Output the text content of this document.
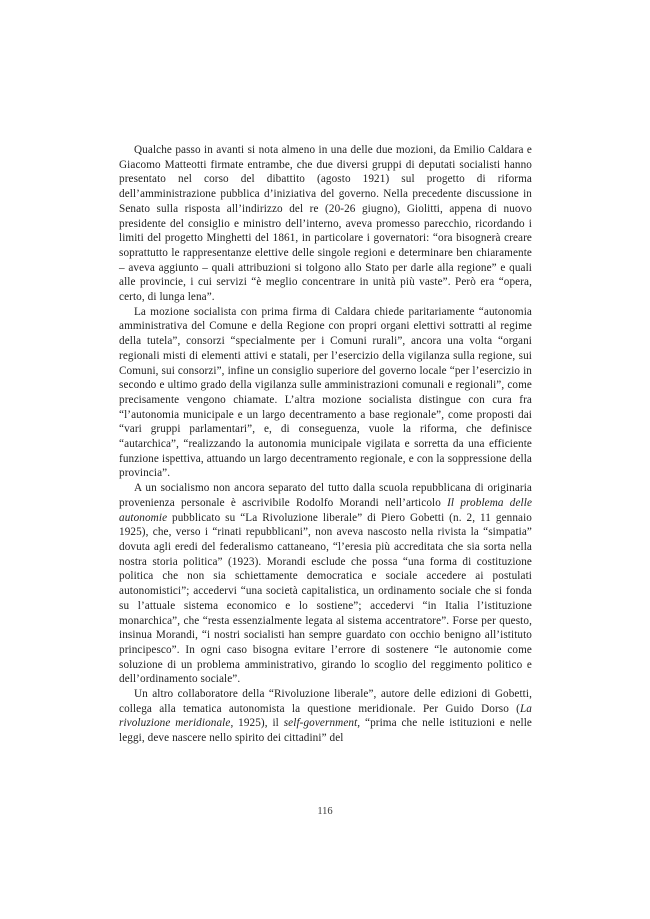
Qualche passo in avanti si nota almeno in una delle due mozioni, da Emilio Caldara e Giacomo Matteotti firmate entrambe, che due diversi gruppi di deputati socialisti hanno presentato nel corso del dibattito (agosto 1921) sul progetto di riforma dell’amministrazione pubblica d’iniziativa del governo. Nella precedente discussione in Senato sulla risposta all’indirizzo del re (20-26 giugno), Giolitti, appena di nuovo presidente del consiglio e ministro dell’interno, aveva promesso parecchio, ricordando i limiti del progetto Minghetti del 1861, in particolare i governatori: “ora bisognerà creare soprattutto le rappresentanze elettive delle singole regioni e determinare ben chiaramente – aveva aggiunto – quali attribuzioni si tolgono allo Stato per darle alla regione” e quali alle provincie, i cui servizi “è meglio concentrare in unità più vaste”. Però era “opera, certo, di lunga lena”.

La mozione socialista con prima firma di Caldara chiede paritariamente “autonomia amministrativa del Comune e della Regione con propri organi elettivi sottratti al regime della tutela”, consorzi “specialmente per i Comuni rurali”, ancora una volta “organi regionali misti di elementi attivi e statali, per l’esercizio della vigilanza sulla regione, sui Comuni, sui consorzi”, infine un consiglio superiore del governo locale “per l’esercizio in secondo e ultimo grado della vigilanza sulle amministrazioni comunali e regionali”, come precisamente vengono chiamate. L’altra mozione socialista distingue con cura fra “l’autonomia municipale e un largo decentramento a base regionale”, come proposti dai “vari gruppi parlamentari”, e, di conseguenza, vuole la riforma, che definisce “autarchica”, “realizzando la autonomia municipale vigilata e sorretta da una efficiente funzione ispettiva, attuando un largo decentramento regionale, e con la soppressione della provincia”.

A un socialismo non ancora separato del tutto dalla scuola repubblicana di originaria provenienza personale è ascrivibile Rodolfo Morandi nell’articolo Il problema delle autonomie pubblicato su “La Rivoluzione liberale” di Piero Gobetti (n. 2, 11 gennaio 1925), che, verso i “rinati repubblicani”, non aveva nascosto nella rivista la “simpatia” dovuta agli eredi del federalismo cattaneano, “l’eresia più accreditata che sia sorta nella nostra storia politica” (1923). Morandi esclude che possa “una forma di costituzione politica che non sia schiettamente democratica e sociale accedere ai postulati autonomistici”; accedervi “una società capitalistica, un ordinamento sociale che si fonda su l’attuale sistema economico e lo sostiene”; accedervi “in Italia l’istituzione monarchica”, che “resta essenzialmente legata al sistema accentratore”. Forse per questo, insinua Morandi, “i nostri socialisti han sempre guardato con occhio benigno all’istituto principesco”. In ogni caso bisogna evitare l’errore di sostenere “le autonomie come soluzione di un problema amministrativo, girando lo scoglio del reggimento politico e dell’ordinamento sociale”.

Un altro collaboratore della “Rivoluzione liberale”, autore delle edizioni di Gobetti, collega alla tematica autonomista la questione meridionale. Per Guido Dorso (La rivoluzione meridionale, 1925), il self-government, “prima che nelle istituzioni e nelle leggi, deve nascere nello spirito dei cittadini” del

116
